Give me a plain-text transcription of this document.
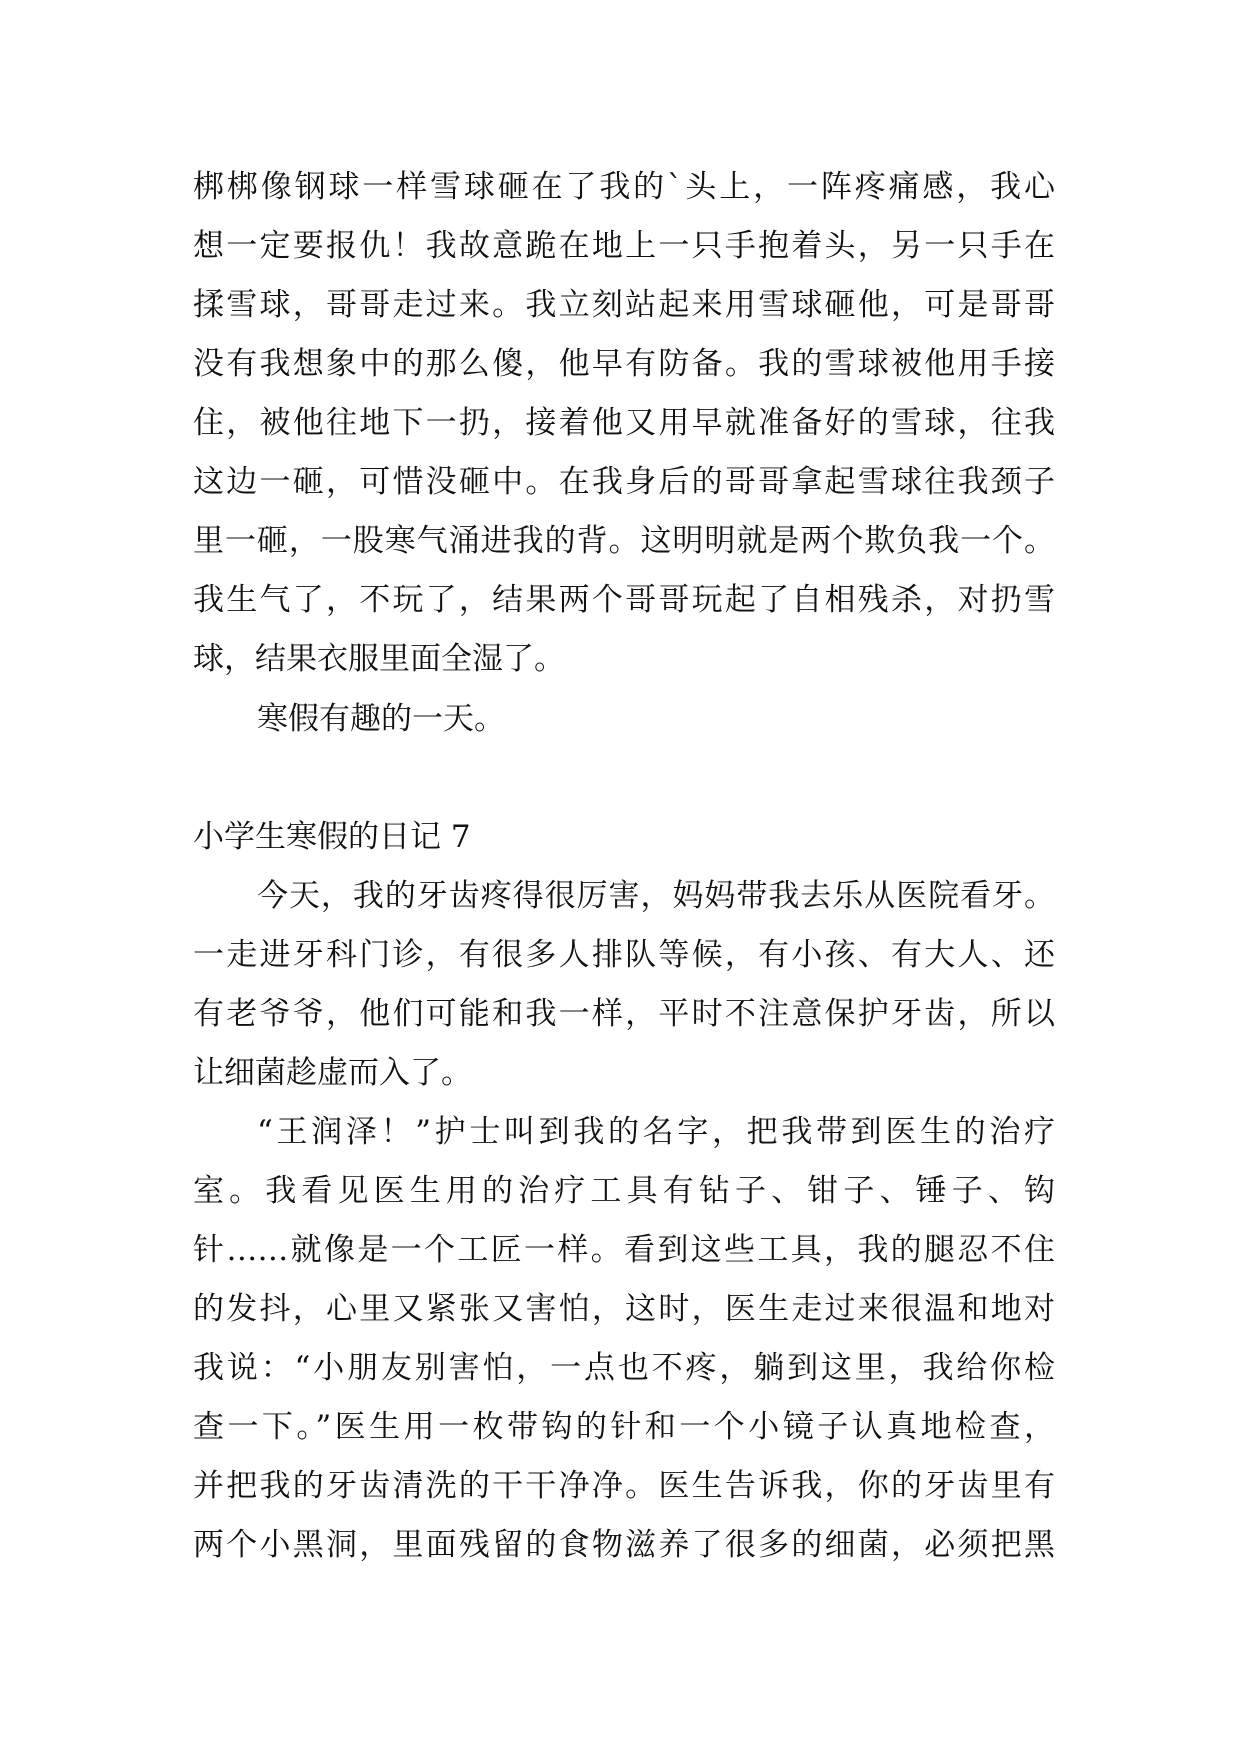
梆梆像钢球一样雪球砸在了我的`头上，一阵疼痛感，我心
想一定要报仇！我故意跪在地上一只手抱着头，另一只手在
揉雪球，哥哥走过来。我立刻站起来用雪球砸他，可是哥哥
没有我想象中的那么傻，他早有防备。我的雪球被他用手接
住，被他往地下一扔，接着他又用早就准备好的雪球，往我
这边一砸，可惜没砸中。在我身后的哥哥拿起雪球往我颈子
里一砸，一股寒气涌进我的背。这明明就是两个欺负我一个。
我生气了，不玩了，结果两个哥哥玩起了自相残杀，对扔雪
球，结果衣服里面全湿了。
寒假有趣的一天。
小学生寒假的日记 7
今天，我的牙齿疼得很厉害，妈妈带我去乐从医院看牙。
一走进牙科门诊，有很多人排队等候，有小孩、有大人、还
有老爷爷，他们可能和我一样，平时不注意保护牙齿，所以
让细菌趁虚而入了。
“王润泽！”护士叫到我的名字，把我带到医生的治疗
室。我看见医生用的治疗工具有钻子、钳子、锤子、钩
针……就像是一个工匠一样。看到这些工具，我的腿忍不住
的发抖，心里又紧张又害怕，这时，医生走过来很温和地对
我说：“小朋友别害怕，一点也不疼，躺到这里，我给你检
查一下。”医生用一枚带钩的针和一个小镜子认真地检查，
并把我的牙齿清洗的干干净净。医生告诉我，你的牙齿里有
两个小黑洞，里面残留的食物滋养了很多的细菌，必须把黑
